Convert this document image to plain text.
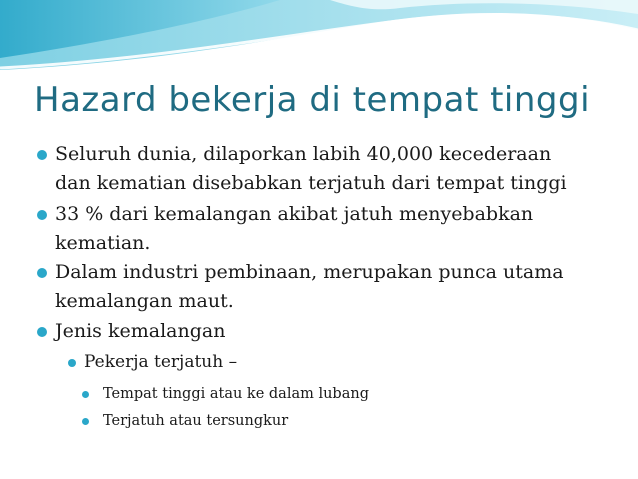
Hazard bekerja di tempat tinggi
Seluruh dunia, dilaporkan labih 40,000 kecederaan
dan kematian disebabkan terjatuh dari tempat tinggi
33 % dari kemalangan akibat jatuh menyebabkan
kematian.
Dalam industri pembinaan, merupakan punca utama
kemalangan maut.
Jenis kemalangan
Pekerja terjatuh –
Tempat tinggi atau ke dalam lubang
Terjatuh atau tersungkur
